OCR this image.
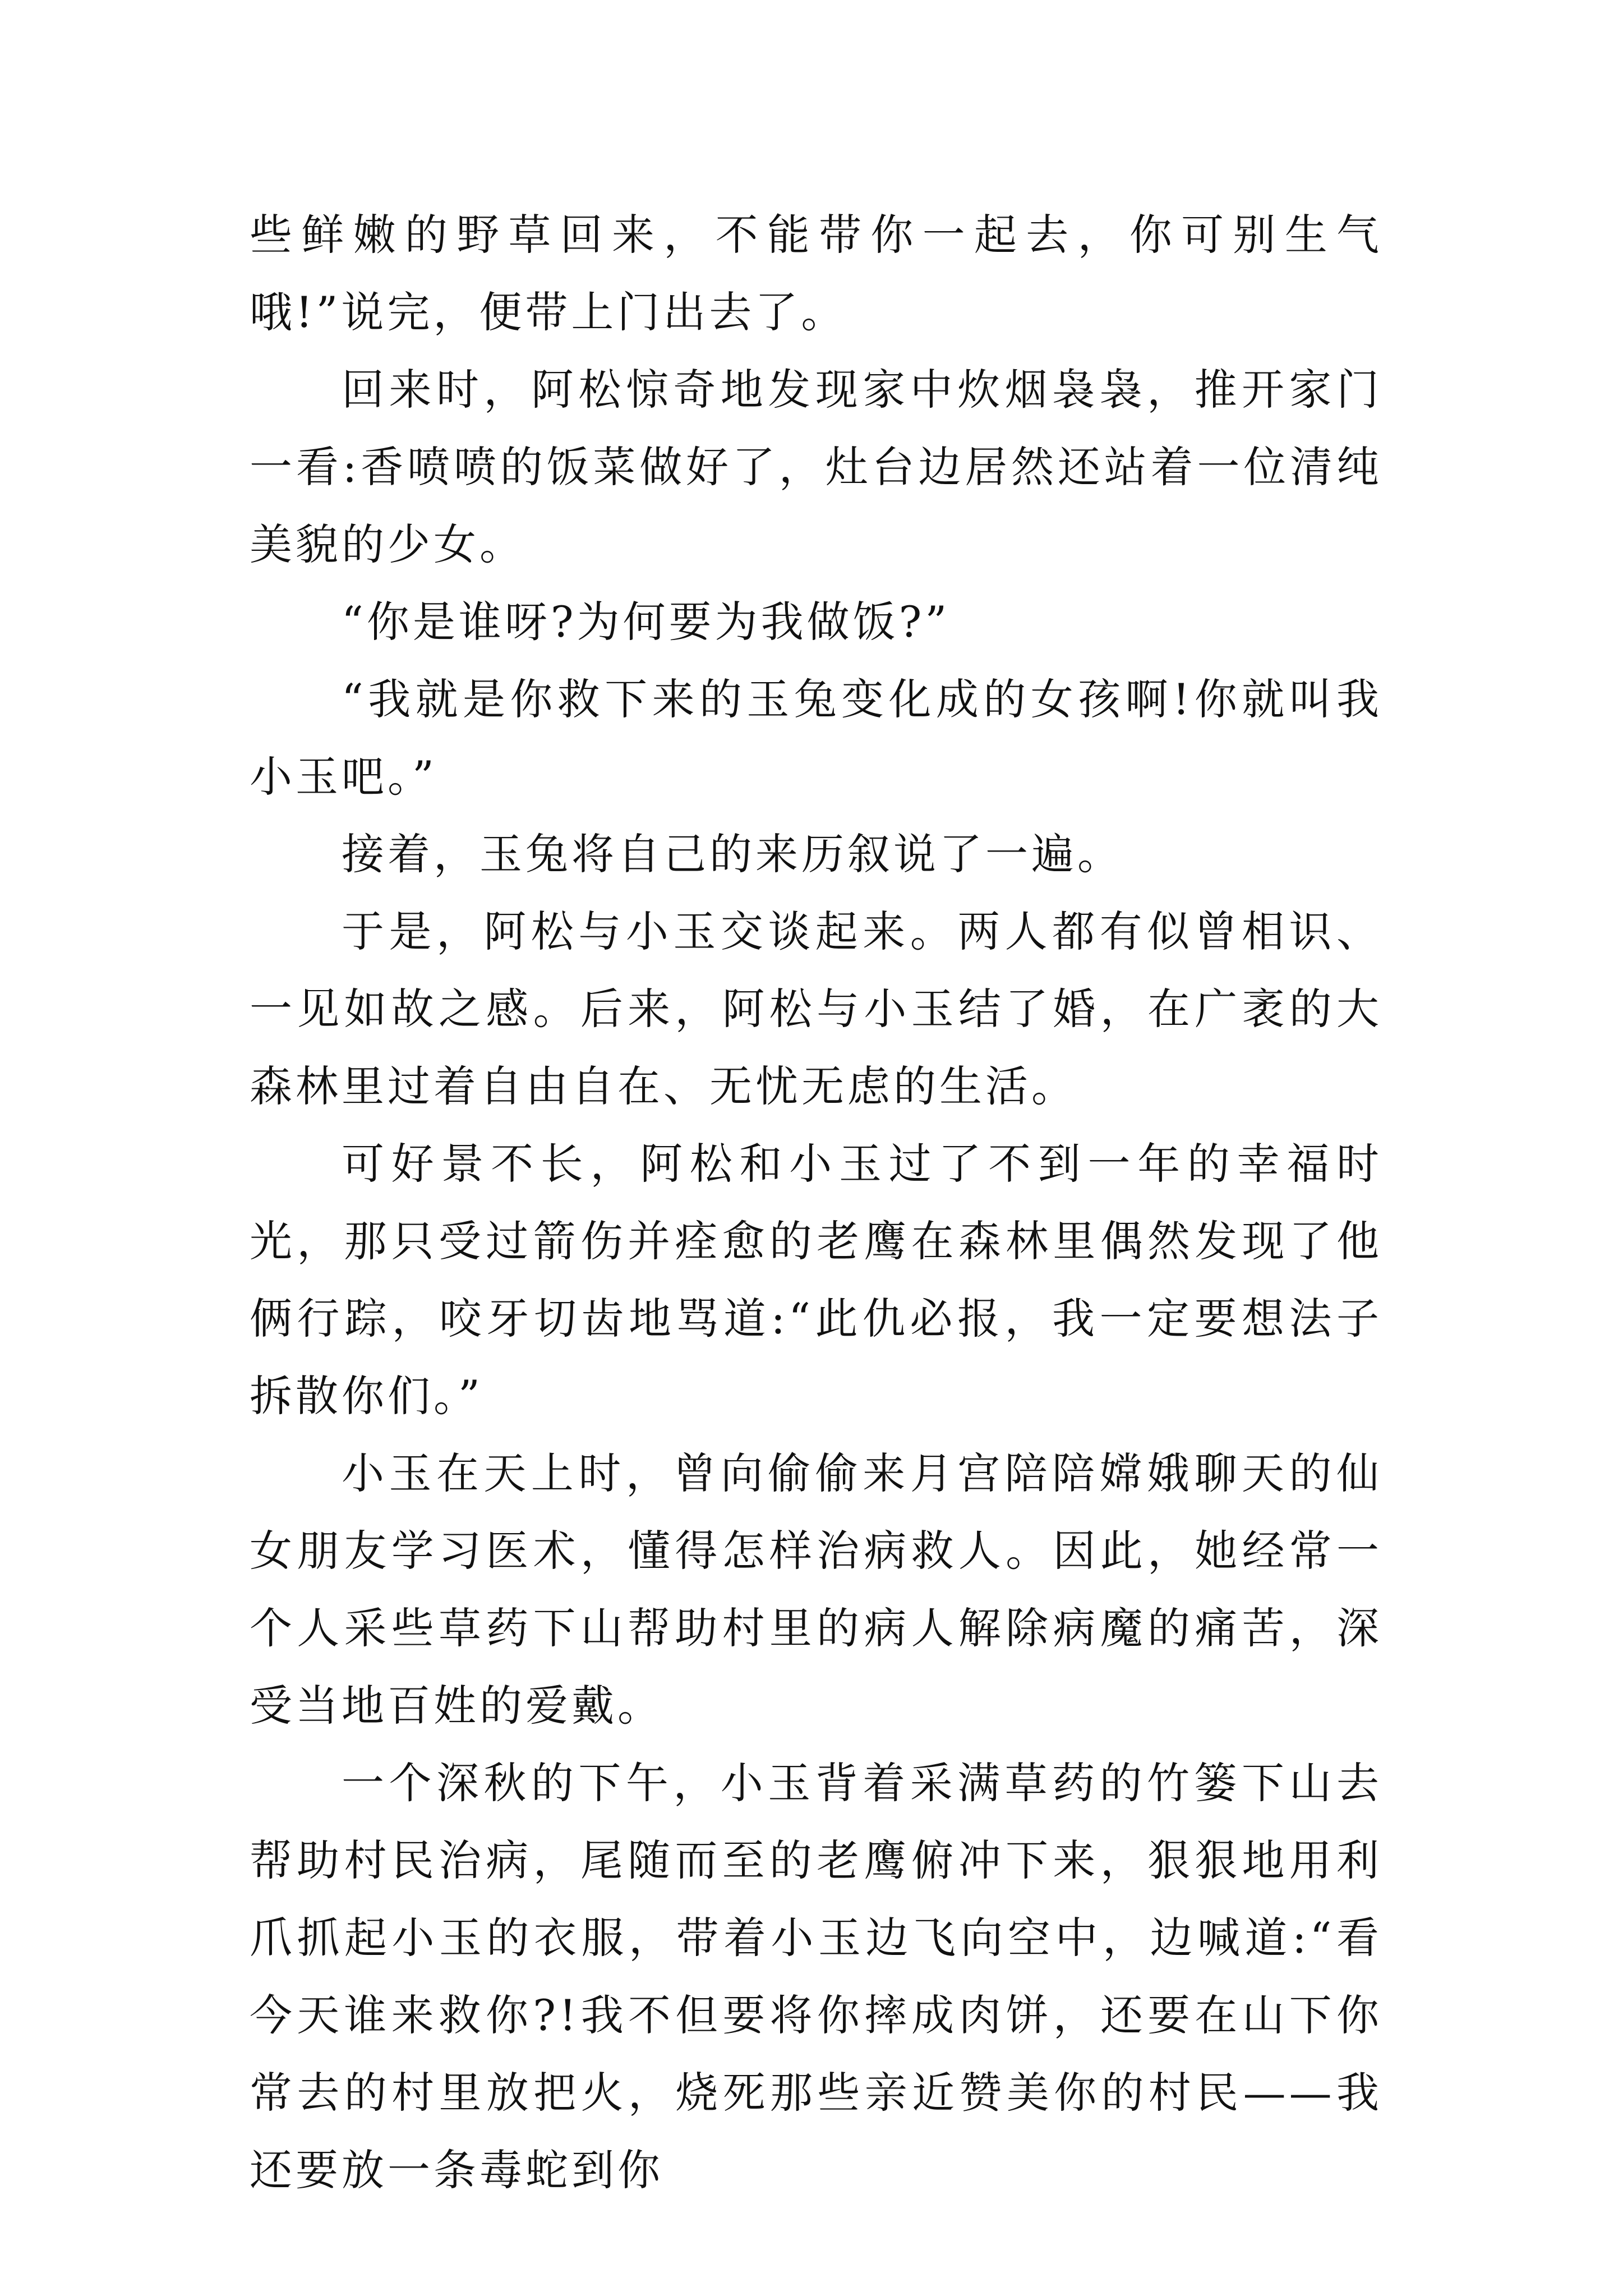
些鲜嫩的野草回来，不能带你一起去，你可别生气哦!”说完，便带上门出去了。

回来时，阿松惊奇地发现家中炊烟袅袅，推开家门一看:香喷喷的饭菜做好了，灶台边居然还站着一位清纯美貌的少女。

“你是谁呀?为何要为我做饭?”

“我就是你救下来的玉兔变化成的女孩啊!你就叫我小玉吧。”

接着，玉兔将自己的来历叙说了一遍。

于是，阿松与小玉交谈起来。两人都有似曾相识、一见如故之感。后来，阿松与小玉结了婚，在广袤的大森林里过着自由自在、无忧无虑的生活。

可好景不长，阿松和小玉过了不到一年的幸福时光，那只受过箭伤并痊愈的老鹰在森林里偶然发现了他俩行踪，咬牙切齿地骂道:“此仇必报，我一定要想法子拆散你们。”

小玉在天上时，曾向偷偷来月宫陪陪嫦娥聊天的仙女朋友学习医术，懂得怎样治病救人。因此，她经常一个人采些草药下山帮助村里的病人解除病魔的痛苦，深受当地百姓的爱戴。

一个深秋的下午，小玉背着采满草药的竹篓下山去帮助村民治病，尾随而至的老鹰俯冲下来，狠狠地用利爪抓起小玉的衣服，带着小玉边飞向空中，边喊道:“看今天谁来救你?!我不但要将你摔成肉饼，还要在山下你常去的村里放把火，烧死那些亲近赞美你的村民——我还要放一条毒蛇到你
